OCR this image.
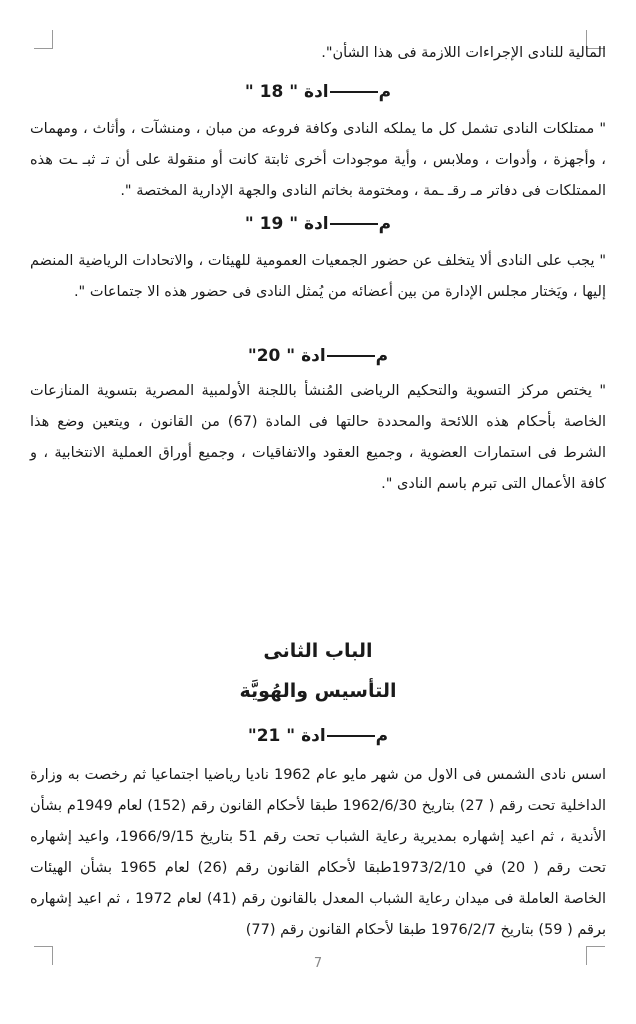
المالية للنادى الإجراءات اللازمة فى هذا الشأن".

مادة " 18 "

" ممتلكات النادى تشمل كل ما يملكه النادى وكافة فروعه من مبان ، ومنشآت ، وأثاث ، ومهمات ، وأجهزة ، وأدوات ، وملابس ، وأية موجودات أخرى ثابتة كانت أو منقولة على أن تـ ثبـ ـت هذه الممتلكات فى دفاتر مـ رقـ ـمة ، ومختومة بخاتم النادى والجهة الإدارية المختصة ".

مادة " 19 "

" يجب على النادى ألا يتخلف عن حضور الجمعيات العمومية للهيئات ، والاتحادات الرياضية المنضم إليها ، ويَختار مجلس الإدارة من بين أعضائه من يُمثل النادى فى حضور هذه الا جتماعات ".

مادة " 20"

" يختص مركز التسوية والتحكيم الرياضى المُنشأ باللجنة الأولمبية المصرية بتسوية المنازعات الخاصة بأحكام هذه اللائحة والمحددة حالتها فى المادة (67) من القانون ، ويتعين وضع هذا الشرط فى استمارات العضوية ، وجميع العقود والاتفاقيات ، وجميع أوراق العملية الانتخابية ، و كافة الأعمال التى تبرم باسم النادى ".

الباب الثانى
التأسيس والهُويَّة
مادة " 21"

اسس نادى الشمس فى الاول من شهر مايو عام 1962 ناديا رياضيا اجتماعيا ثم رخصت به وزارة الداخلية تحت رقم ( 27) بتاريخ 1962/6/30 طبقا لأحكام القانون رقم (152) لعام 1949م بشأن الأندية ، ثم اعيد إشهاره بمديرية رعاية الشباب تحت رقم 51 بتاريخ 1966/9/15، واعيد إشهاره تحت رقم ( 20) في 1973/2/10طبقا لأحكام القانون رقم (26) لعام 1965 بشأن الهيئات الخاصة العاملة فى ميدان رعاية الشباب المعدل بالقانون رقم (41) لعام 1972 ، ثم اعيد إشهاره برقم ( 59) بتاريخ 1976/2/7 طبقا لأحكام القانون رقم (77)

7
